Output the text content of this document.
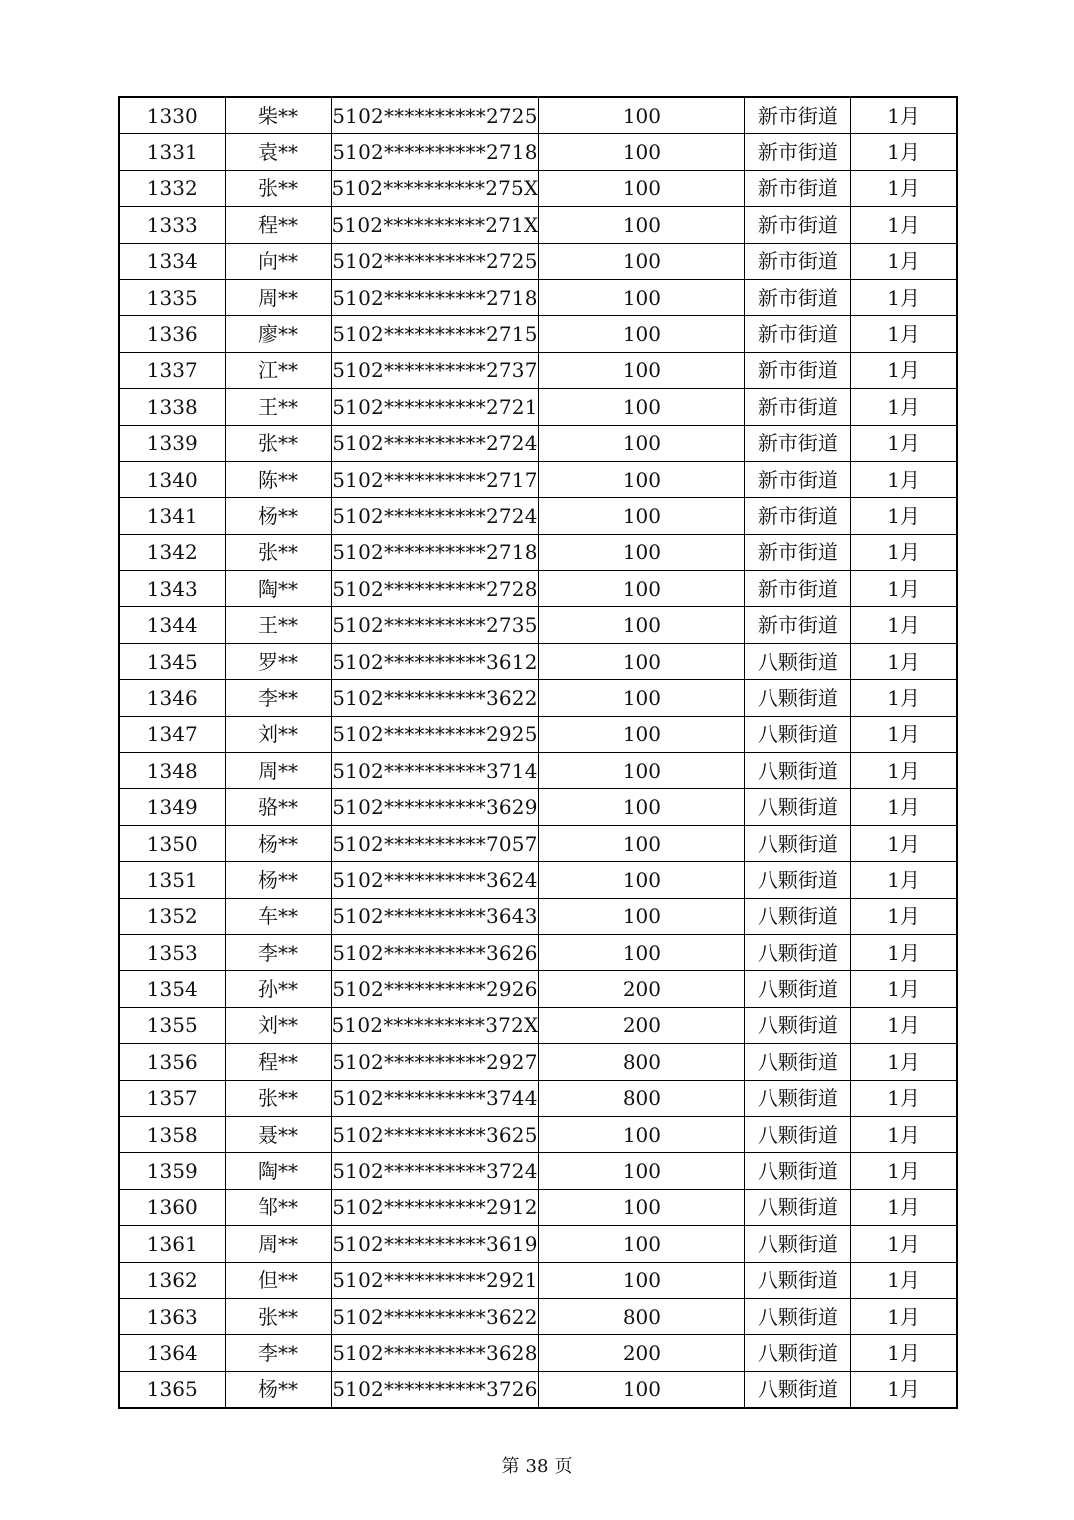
1330	柴**	5102**********2725	100	新市街道	1月
1331	袁**	5102**********2718	100	新市街道	1月
1332	张**	5102**********275X	100	新市街道	1月
1333	程**	5102**********271X	100	新市街道	1月
1334	向**	5102**********2725	100	新市街道	1月
1335	周**	5102**********2718	100	新市街道	1月
1336	廖**	5102**********2715	100	新市街道	1月
1337	江**	5102**********2737	100	新市街道	1月
1338	王**	5102**********2721	100	新市街道	1月
1339	张**	5102**********2724	100	新市街道	1月
1340	陈**	5102**********2717	100	新市街道	1月
1341	杨**	5102**********2724	100	新市街道	1月
1342	张**	5102**********2718	100	新市街道	1月
1343	陶**	5102**********2728	100	新市街道	1月
1344	王**	5102**********2735	100	新市街道	1月
1345	罗**	5102**********3612	100	八颗街道	1月
1346	李**	5102**********3622	100	八颗街道	1月
1347	刘**	5102**********2925	100	八颗街道	1月
1348	周**	5102**********3714	100	八颗街道	1月
1349	骆**	5102**********3629	100	八颗街道	1月
1350	杨**	5102**********7057	100	八颗街道	1月
1351	杨**	5102**********3624	100	八颗街道	1月
1352	车**	5102**********3643	100	八颗街道	1月
1353	李**	5102**********3626	100	八颗街道	1月
1354	孙**	5102**********2926	200	八颗街道	1月
1355	刘**	5102**********372X	200	八颗街道	1月
1356	程**	5102**********2927	800	八颗街道	1月
1357	张**	5102**********3744	800	八颗街道	1月
1358	聂**	5102**********3625	100	八颗街道	1月
1359	陶**	5102**********3724	100	八颗街道	1月
1360	邹**	5102**********2912	100	八颗街道	1月
1361	周**	5102**********3619	100	八颗街道	1月
1362	但**	5102**********2921	100	八颗街道	1月
1363	张**	5102**********3622	800	八颗街道	1月
1364	李**	5102**********3628	200	八颗街道	1月
1365	杨**	5102**********3726	100	八颗街道	1月
第 38 页
